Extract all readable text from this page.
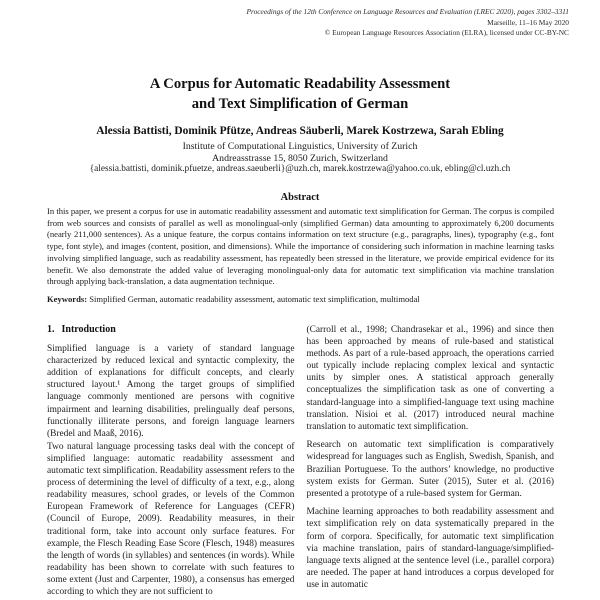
Proceedings of the 12th Conference on Language Resources and Evaluation (LREC 2020), pages 3302–3311
Marseille, 11–16 May 2020
© European Language Resources Association (ELRA), licensed under CC-BY-NC
A Corpus for Automatic Readability Assessment
and Text Simplification of German
Alessia Battisti, Dominik Pfütze, Andreas Säuberli, Marek Kostrzewa, Sarah Ebling
Institute of Computational Linguistics, University of Zurich
Andreasstrasse 15, 8050 Zurich, Switzerland
{alessia.battisti, dominik.pfuetze, andreas.saeuberli}@uzh.ch, marek.kostrzewa@yahoo.co.uk, ebling@cl.uzh.ch
Abstract
In this paper, we present a corpus for use in automatic readability assessment and automatic text simplification for German. The corpus is compiled from web sources and consists of parallel as well as monolingual-only (simplified German) data amounting to approximately 6,200 documents (nearly 211,000 sentences). As a unique feature, the corpus contains information on text structure (e.g., paragraphs, lines), typography (e.g., font type, font style), and images (content, position, and dimensions). While the importance of considering such information in machine learning tasks involving simplified language, such as readability assessment, has repeatedly been stressed in the literature, we provide empirical evidence for its benefit. We also demonstrate the added value of leveraging monolingual-only data for automatic text simplification via machine translation through applying back-translation, a data augmentation technique.
Keywords: Simplified German, automatic readability assessment, automatic text simplification, multimodal
1. Introduction

Simplified language is a variety of standard language characterized by reduced lexical and syntactic complexity, the addition of explanations for difficult concepts, and clearly structured layout.¹ Among the target groups of simplified language commonly mentioned are persons with cognitive impairment and learning disabilities, prelingually deaf persons, functionally illiterate persons, and foreign language learners (Bredel and Maaß, 2016).

Two natural language processing tasks deal with the concept of simplified language: automatic readability assessment and automatic text simplification. Readability assessment refers to the process of determining the level of difficulty of a text, e.g., along readability measures, school grades, or levels of the Common European Framework of Reference for Languages (CEFR) (Council of Europe, 2009). Readability measures, in their traditional form, take into account only surface features. For example, the Flesch Reading Ease Score (Flesch, 1948) measures the length of words (in syllables) and sentences (in words). While readability has been shown to correlate with such features to some extent (Just and Carpenter, 1980), a consensus has emerged according to which they are not sufficient to

(Carroll et al., 1998; Chandrasekar et al., 1996) and since then has been approached by means of rule-based and statistical methods. As part of a rule-based approach, the operations carried out typically include replacing complex lexical and syntactic units by simpler ones. A statistical approach generally conceptualizes the simplification task as one of converting a standard-language into a simplified-language text using machine translation. Nisioi et al. (2017) introduced neural machine translation to automatic text simplification.

Research on automatic text simplification is comparatively widespread for languages such as English, Swedish, Spanish, and Brazilian Portuguese. To the authors’ knowledge, no productive system exists for German. Suter (2015), Suter et al. (2016) presented a prototype of a rule-based system for German.

Machine learning approaches to both readability assessment and text simplification rely on data systematically prepared in the form of corpora. Specifically, for automatic text simplification via machine translation, pairs of standard-language/simplified-language texts aligned at the sentence level (i.e., parallel corpora) are needed. The paper at hand introduces a corpus developed for use in automatic
